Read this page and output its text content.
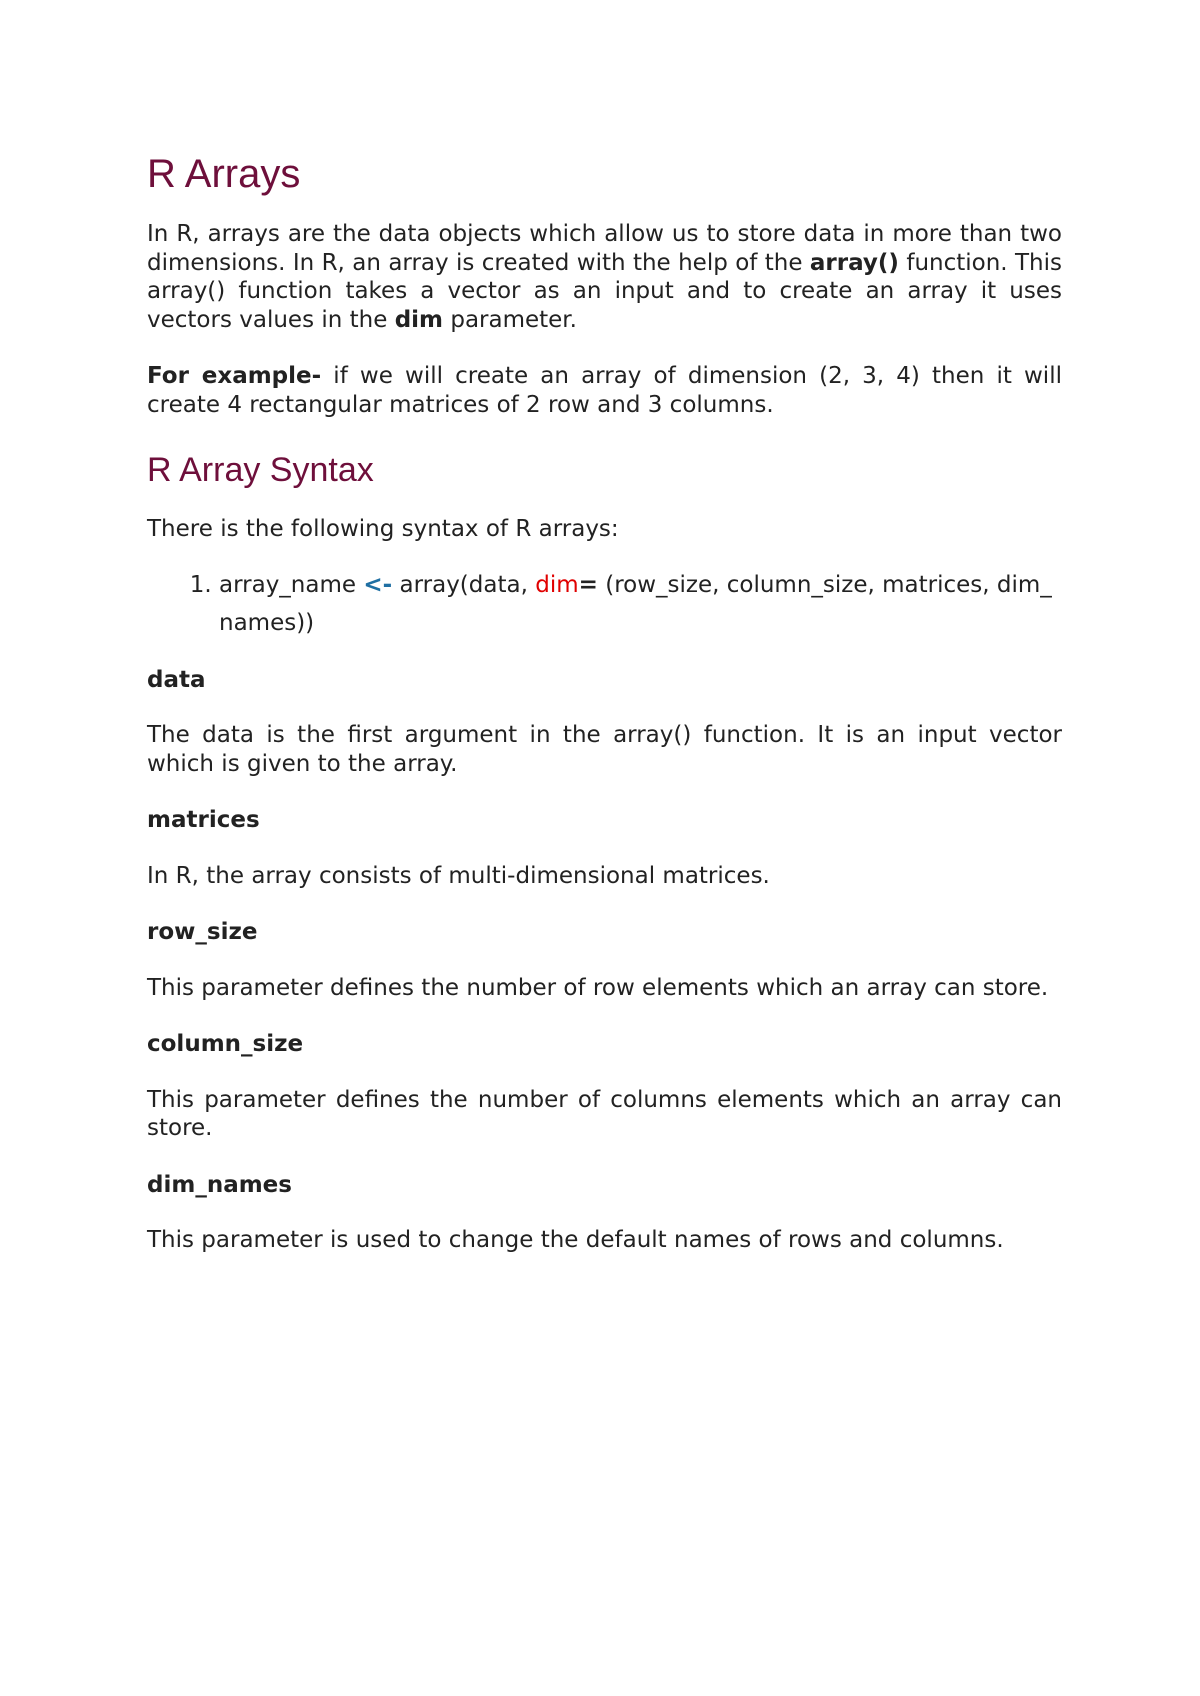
R Arrays

In R, arrays are the data objects which allow us to store data in more than two dimensions. In R, an array is created with the help of the array() function. This array() function takes a vector as an input and to create an array it uses vectors values in the dim parameter.

For example- if we will create an array of dimension (2, 3, 4) then it will create 4 rectangular matrices of 2 row and 3 columns.

R Array Syntax

There is the following syntax of R arrays:

1. array_name <- array(data, dim= (row_size, column_size, matrices, dim_names))

data

The data is the first argument in the array() function. It is an input vector which is given to the array.

matrices

In R, the array consists of multi-dimensional matrices.

row_size

This parameter defines the number of row elements which an array can store.

column_size

This parameter defines the number of columns elements which an array can store.

dim_names

This parameter is used to change the default names of rows and columns.
